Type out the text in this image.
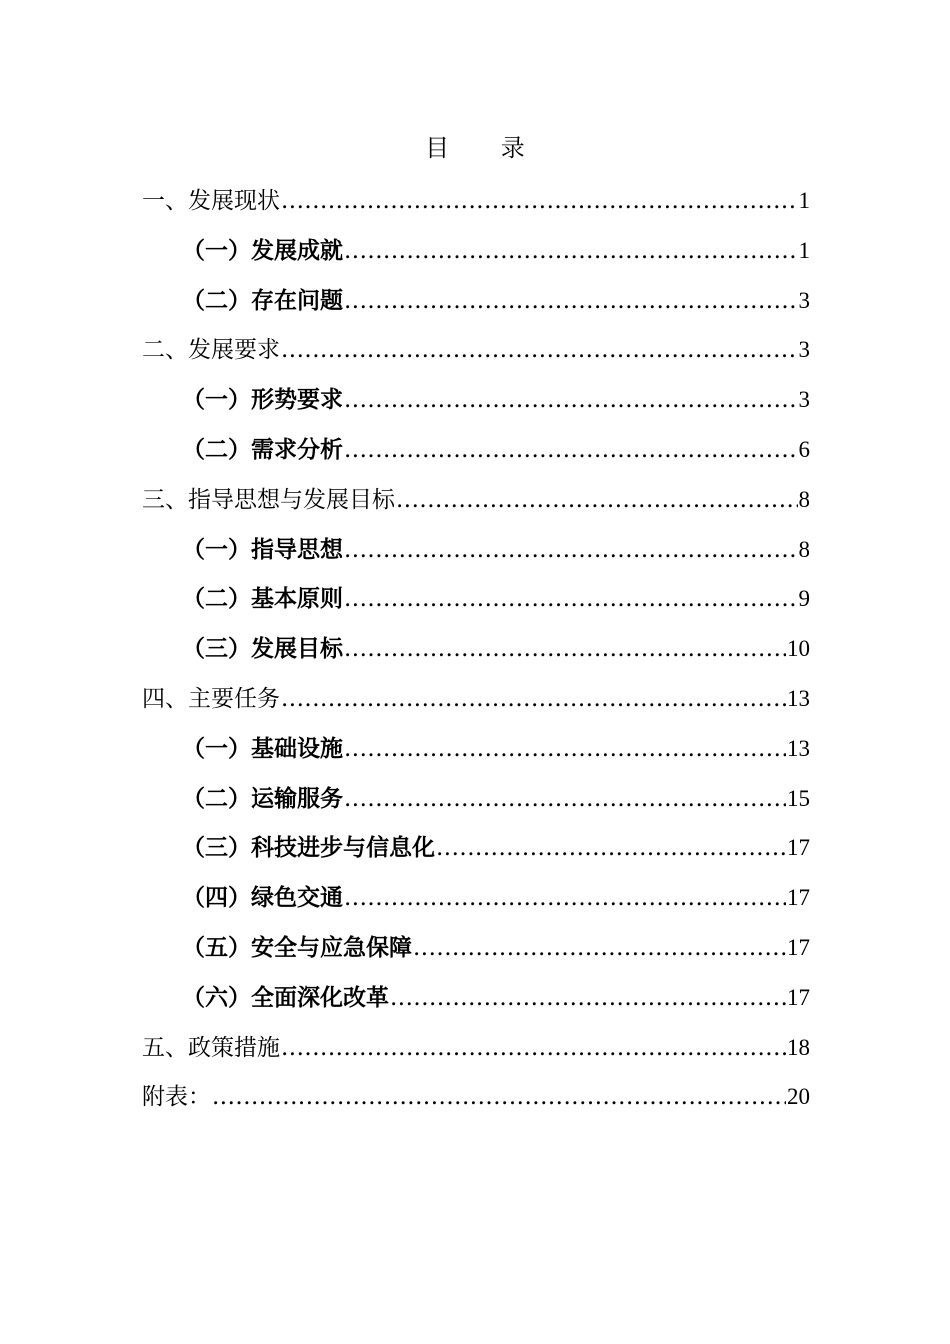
目 录
一、发展现状 .....	1
（一）发展成就 .....	1
（二）存在问题 .....	3
二、发展要求 .....	3
（一）形势要求 .....	3
（二）需求分析 .....	6
三、指导思想与发展目标 .....	8
（一）指导思想 .....	8
（二）基本原则 .....	9
（三）发展目标 .....	10
四、主要任务 .....	13
（一）基础设施 .....	13
（二）运输服务 .....	15
（三）科技进步与信息化 .....	17
（四）绿色交通 .....	17
（五）安全与应急保障 .....	17
（六）全面深化改革 .....	17
五、政策措施 .....	18
附表： .....	20
